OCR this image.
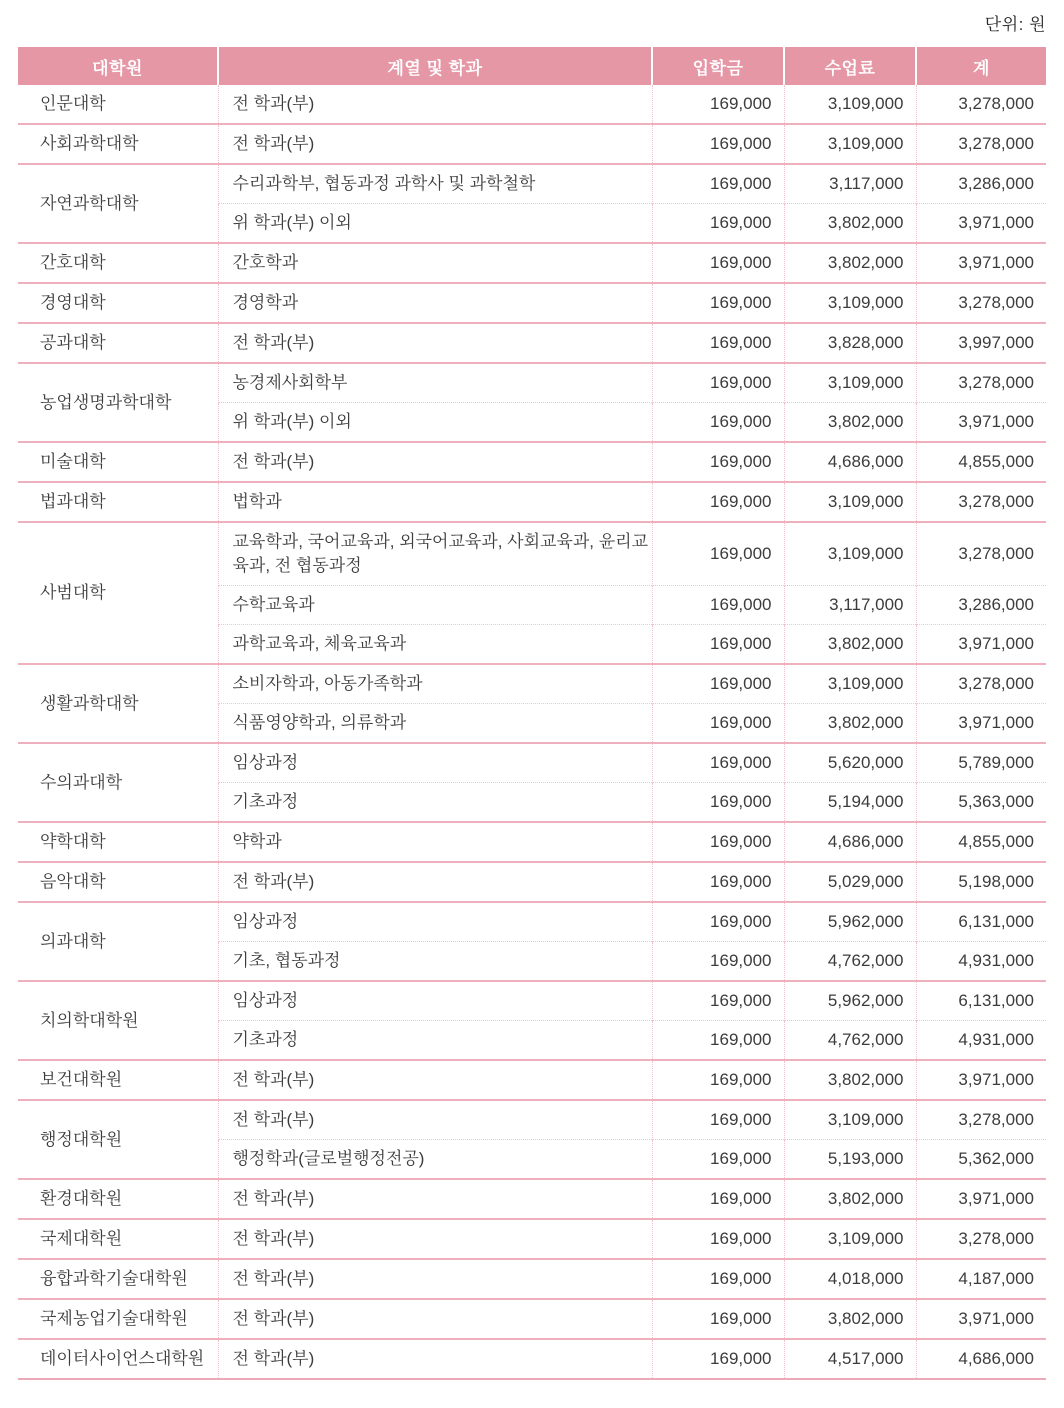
단위: 원
대학원	계열 및 학과	입학금	수업료	계
인문대학	전 학과(부)	169,000	3,109,000	3,278,000
사회과학대학	전 학과(부)	169,000	3,109,000	3,278,000
자연과학대학	수리과학부, 협동과정 과학사 및 과학철학	169,000	3,117,000	3,286,000
	위 학과(부) 이외	169,000	3,802,000	3,971,000
간호대학	간호학과	169,000	3,802,000	3,971,000
경영대학	경영학과	169,000	3,109,000	3,278,000
공과대학	전 학과(부)	169,000	3,828,000	3,997,000
농업생명과학대학	농경제사회학부	169,000	3,109,000	3,278,000
	위 학과(부) 이외	169,000	3,802,000	3,971,000
미술대학	전 학과(부)	169,000	4,686,000	4,855,000
법과대학	법학과	169,000	3,109,000	3,278,000
사범대학	교육학과, 국어교육과, 외국어교육과, 사회교육과, 윤리교육과, 전 협동과정	169,000	3,109,000	3,278,000
	수학교육과	169,000	3,117,000	3,286,000
	과학교육과, 체육교육과	169,000	3,802,000	3,971,000
생활과학대학	소비자학과, 아동가족학과	169,000	3,109,000	3,278,000
	식품영양학과, 의류학과	169,000	3,802,000	3,971,000
수의과대학	임상과정	169,000	5,620,000	5,789,000
	기초과정	169,000	5,194,000	5,363,000
약학대학	약학과	169,000	4,686,000	4,855,000
음악대학	전 학과(부)	169,000	5,029,000	5,198,000
의과대학	임상과정	169,000	5,962,000	6,131,000
	기초, 협동과정	169,000	4,762,000	4,931,000
치의학대학원	임상과정	169,000	5,962,000	6,131,000
	기초과정	169,000	4,762,000	4,931,000
보건대학원	전 학과(부)	169,000	3,802,000	3,971,000
행정대학원	전 학과(부)	169,000	3,109,000	3,278,000
	행정학과(글로벌행정전공)	169,000	5,193,000	5,362,000
환경대학원	전 학과(부)	169,000	3,802,000	3,971,000
국제대학원	전 학과(부)	169,000	3,109,000	3,278,000
융합과학기술대학원	전 학과(부)	169,000	4,018,000	4,187,000
국제농업기술대학원	전 학과(부)	169,000	3,802,000	3,971,000
데이터사이언스대학원	전 학과(부)	169,000	4,517,000	4,686,000
